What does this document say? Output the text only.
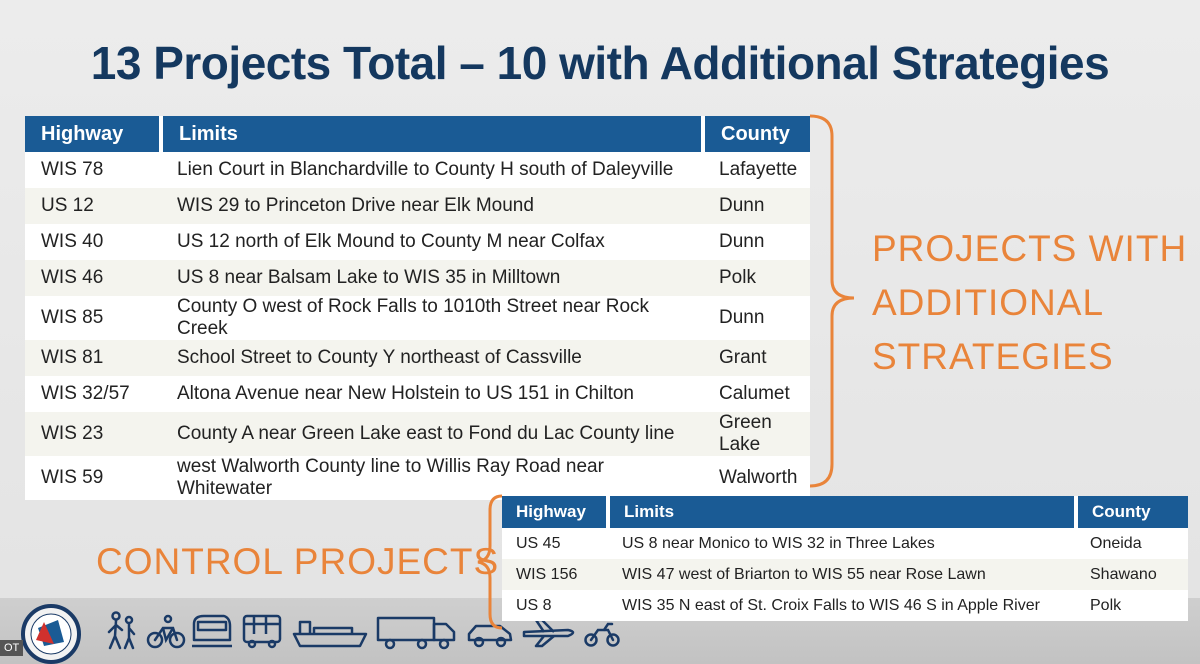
13 Projects Total – 10 with Additional Strategies
Highway	Limits	County
WIS 78	Lien Court in Blanchardville to County H south of Daleyville	Lafayette
US 12	WIS 29 to Princeton Drive near Elk Mound	Dunn
WIS 40	US 12 north of Elk Mound to County M near Colfax	Dunn
WIS 46	US 8 near Balsam Lake to WIS 35 in Milltown	Polk
WIS 85	County O west of Rock Falls to 1010th Street near Rock Creek	Dunn
WIS 81	School Street to County Y northeast of Cassville	Grant
WIS 32/57	Altona Avenue near New Holstein to US 151 in Chilton	Calumet
WIS 23	County A near Green Lake east to Fond du Lac County line	Green Lake
WIS 59	west Walworth County line to Willis Ray Road near Whitewater	Walworth
PROJECTS WITH
ADDITIONAL
STRATEGIES
Highway	Limits	County
US 45	US 8 near Monico to WIS 32 in Three Lakes	Oneida
WIS 156	WIS 47 west of Briarton to WIS 55 near Rose Lawn	Shawano
US 8	WIS 35 N east of St. Croix Falls to WIS 46 S in Apple River	Polk
CONTROL PROJECTS
OT
